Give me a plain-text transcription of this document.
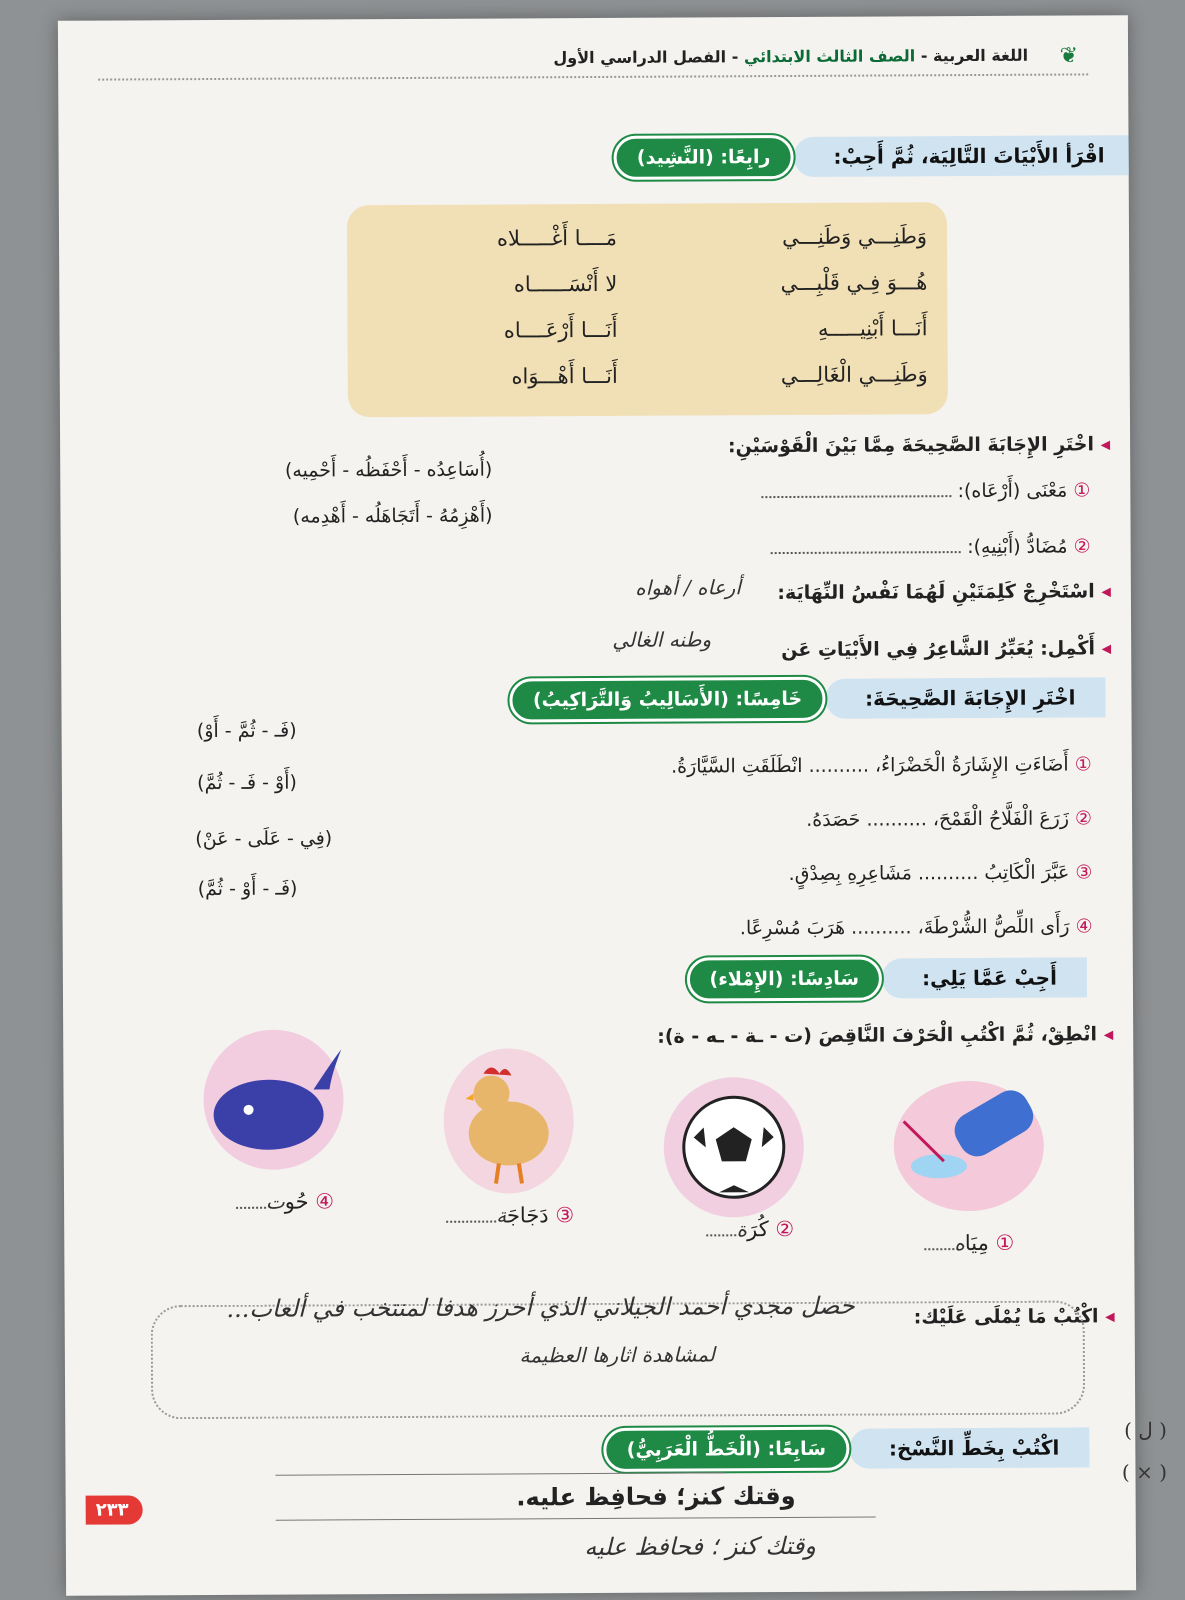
❦
اللغة العربية - الصف الثالث الابتدائي - الفصل الدراسي الأول
رابِعًا: (النَّشِيد)	اقْرَأ الأَبْيَاتَ التَّالِيَة، ثُمَّ أَجِبْ:
وَطَنِـــي وَطَنِـــي
مَــــا أَغْـــــلاه
هُـــوَ فِـي قَلْبِـــي
لا أَنْسَــــــاه
أَنَـــا أَبْنِيـــــهِ
أَنَـــا أَرْعَــــاه
وَطَنِـــي الْغَالِـــي
أَنَـــا أَهْـــوَاه
◂ اخْتَرِ الإِجَابَةَ الصَّحِيحَةَ مِمَّا بَيْنَ الْقَوْسَيْنِ:
① مَعْنَى (أَرْعَاه):
(أُسَاعِدُه - أَحْفَظُه - أَحْمِيه)
② مُضَادُّ (أَبْنِيهِ):
(أَهْزِمُهُ - أَتَجَاهَلُه - أَهْدِمه)
◂ اسْتَخْرِجْ كَلِمَتَيْنِ لَهُمَا نَفْسُ النِّهَايَة:
أرعاه / أهواه
◂ أَكْمِل: يُعَبِّرُ الشَّاعِرُ فِي الأَبْيَاتِ عَن
وطنه الغالي
خَامِسًا: (الأَسَالِيبُ وَالتَّرَاكِيبُ)	اخْتَرِ الإِجَابَةَ الصَّحِيحَةَ:
① أَضَاءَتِ الإِشَارَةُ الْخَضْرَاءُ، .......... انْطَلَقَتِ السَّيَّارَةُ.
(فَـ - ثُمَّ - أَوْ)
② زَرَعَ الْفَلَّاحُ الْقَمْحَ، .......... حَصَدَهُ.
(أَوْ - فَـ - ثُمَّ)
③ عَبَّرَ الْكَاتِبُ .......... مَشَاعِرِهِ بِصِدْقٍ.
(فِي - عَلَى - عَنْ)
④ رَأَى اللِّصُّ الشُّرْطَةَ، .......... هَرَبَ مُسْرِعًا.
(فَـ - أَوْ - ثُمَّ)
سَادِسًا: (الإِمْلاء)	أَجِبْ عَمَّا يَلِي:
◂ انْطِقْ، ثُمَّ اكْتُبِ الْحَرْفَ النَّاقِصَ (ت - ـة - ـه - ة):
① مِيَاه
② كُرَة
③ دَجَاجَة
④ حُوت
◂ اكْتُبْ مَا يُمْلَى عَلَيْك:
حصل مجدي أحمد الجيلاني الذي أحرز هدفا لمنتخب في ألعاب...
لمشاهدة اثارها العظيمة
سَابِعًا: (الْخَطُّ الْعَرَبِيُّ)	اكْتُبْ بِخَطِّ النَّسْخ:
وقتك كنز؛ فحافِظ عليه.
وقتك كنز ؛ فحافظ عليه
٢٣٣
( ل )
( × )
